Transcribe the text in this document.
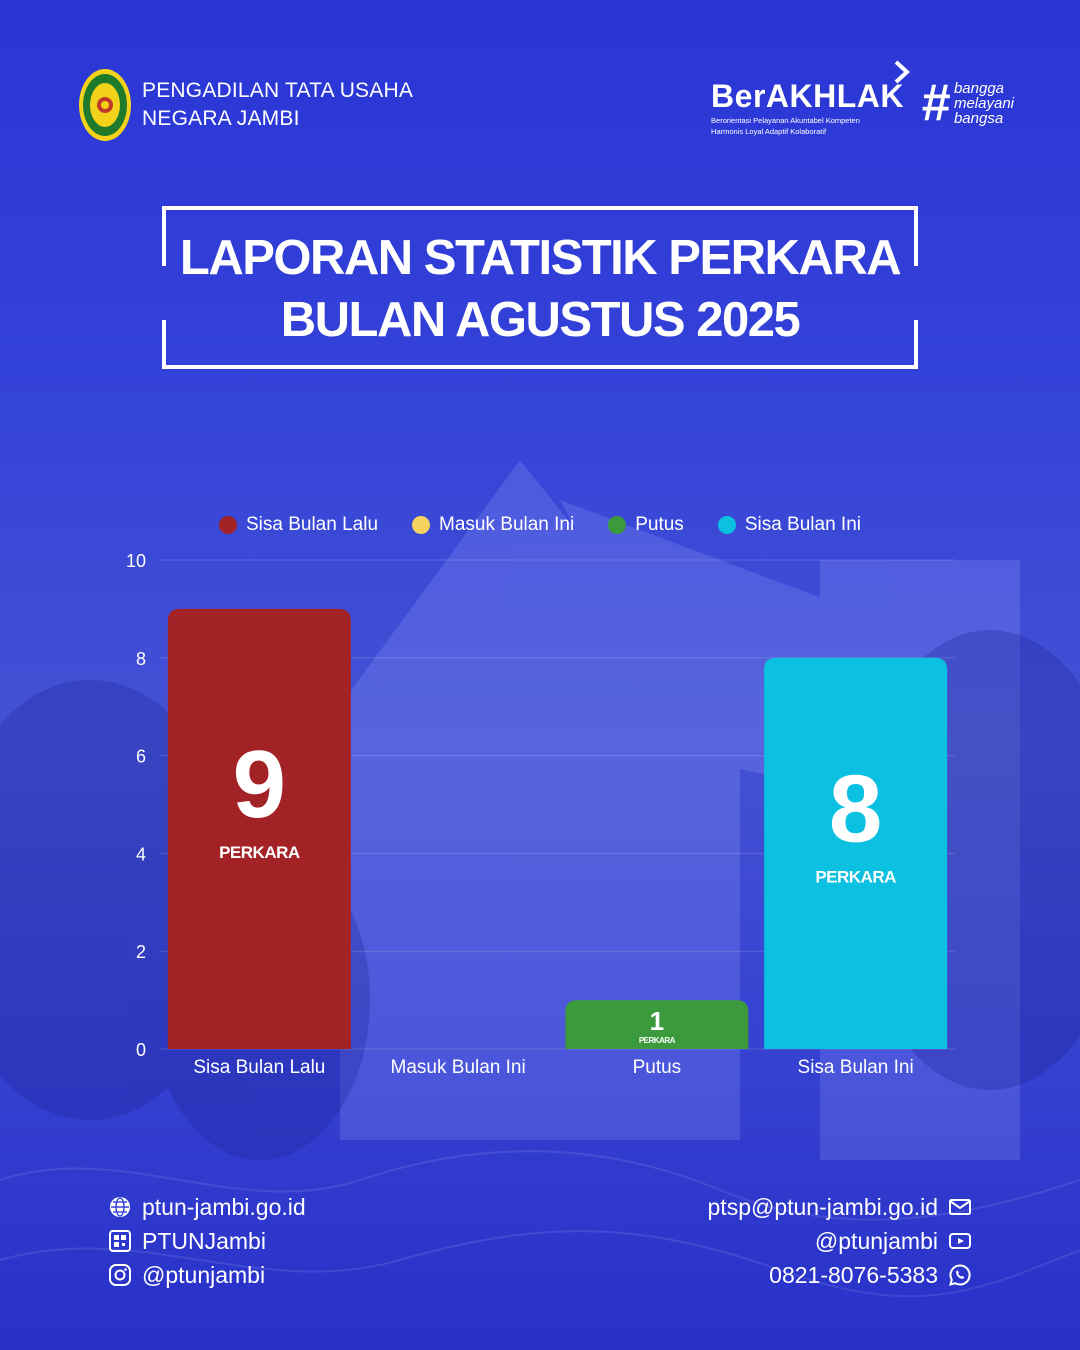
PENGADILAN TATA USAHA
NEGARA JAMBI
BerAKHLAK
Berorientasi Pelayanan Akuntabel Kompeten
Harmonis Loyal Adaptif Kolaboratif	# bangga
melayani
bangsa
LAPORAN STATISTIK PERKARA
BULAN AGUSTUS 2025
Sisa Bulan Lalu	Masuk Bulan Ini	Putus	Sisa Bulan Ini
0
2
4
6
8
10
9
PERKARA
Sisa Bulan Lalu	Masuk Bulan Ini
1
PERKARA
Putus
8
PERKARA
Sisa Bulan Ini
ptun-jambi.go.id
PTUNJambi
@ptunjambi
ptsp@ptun-jambi.go.id
@ptunjambi
0821-8076-5383
